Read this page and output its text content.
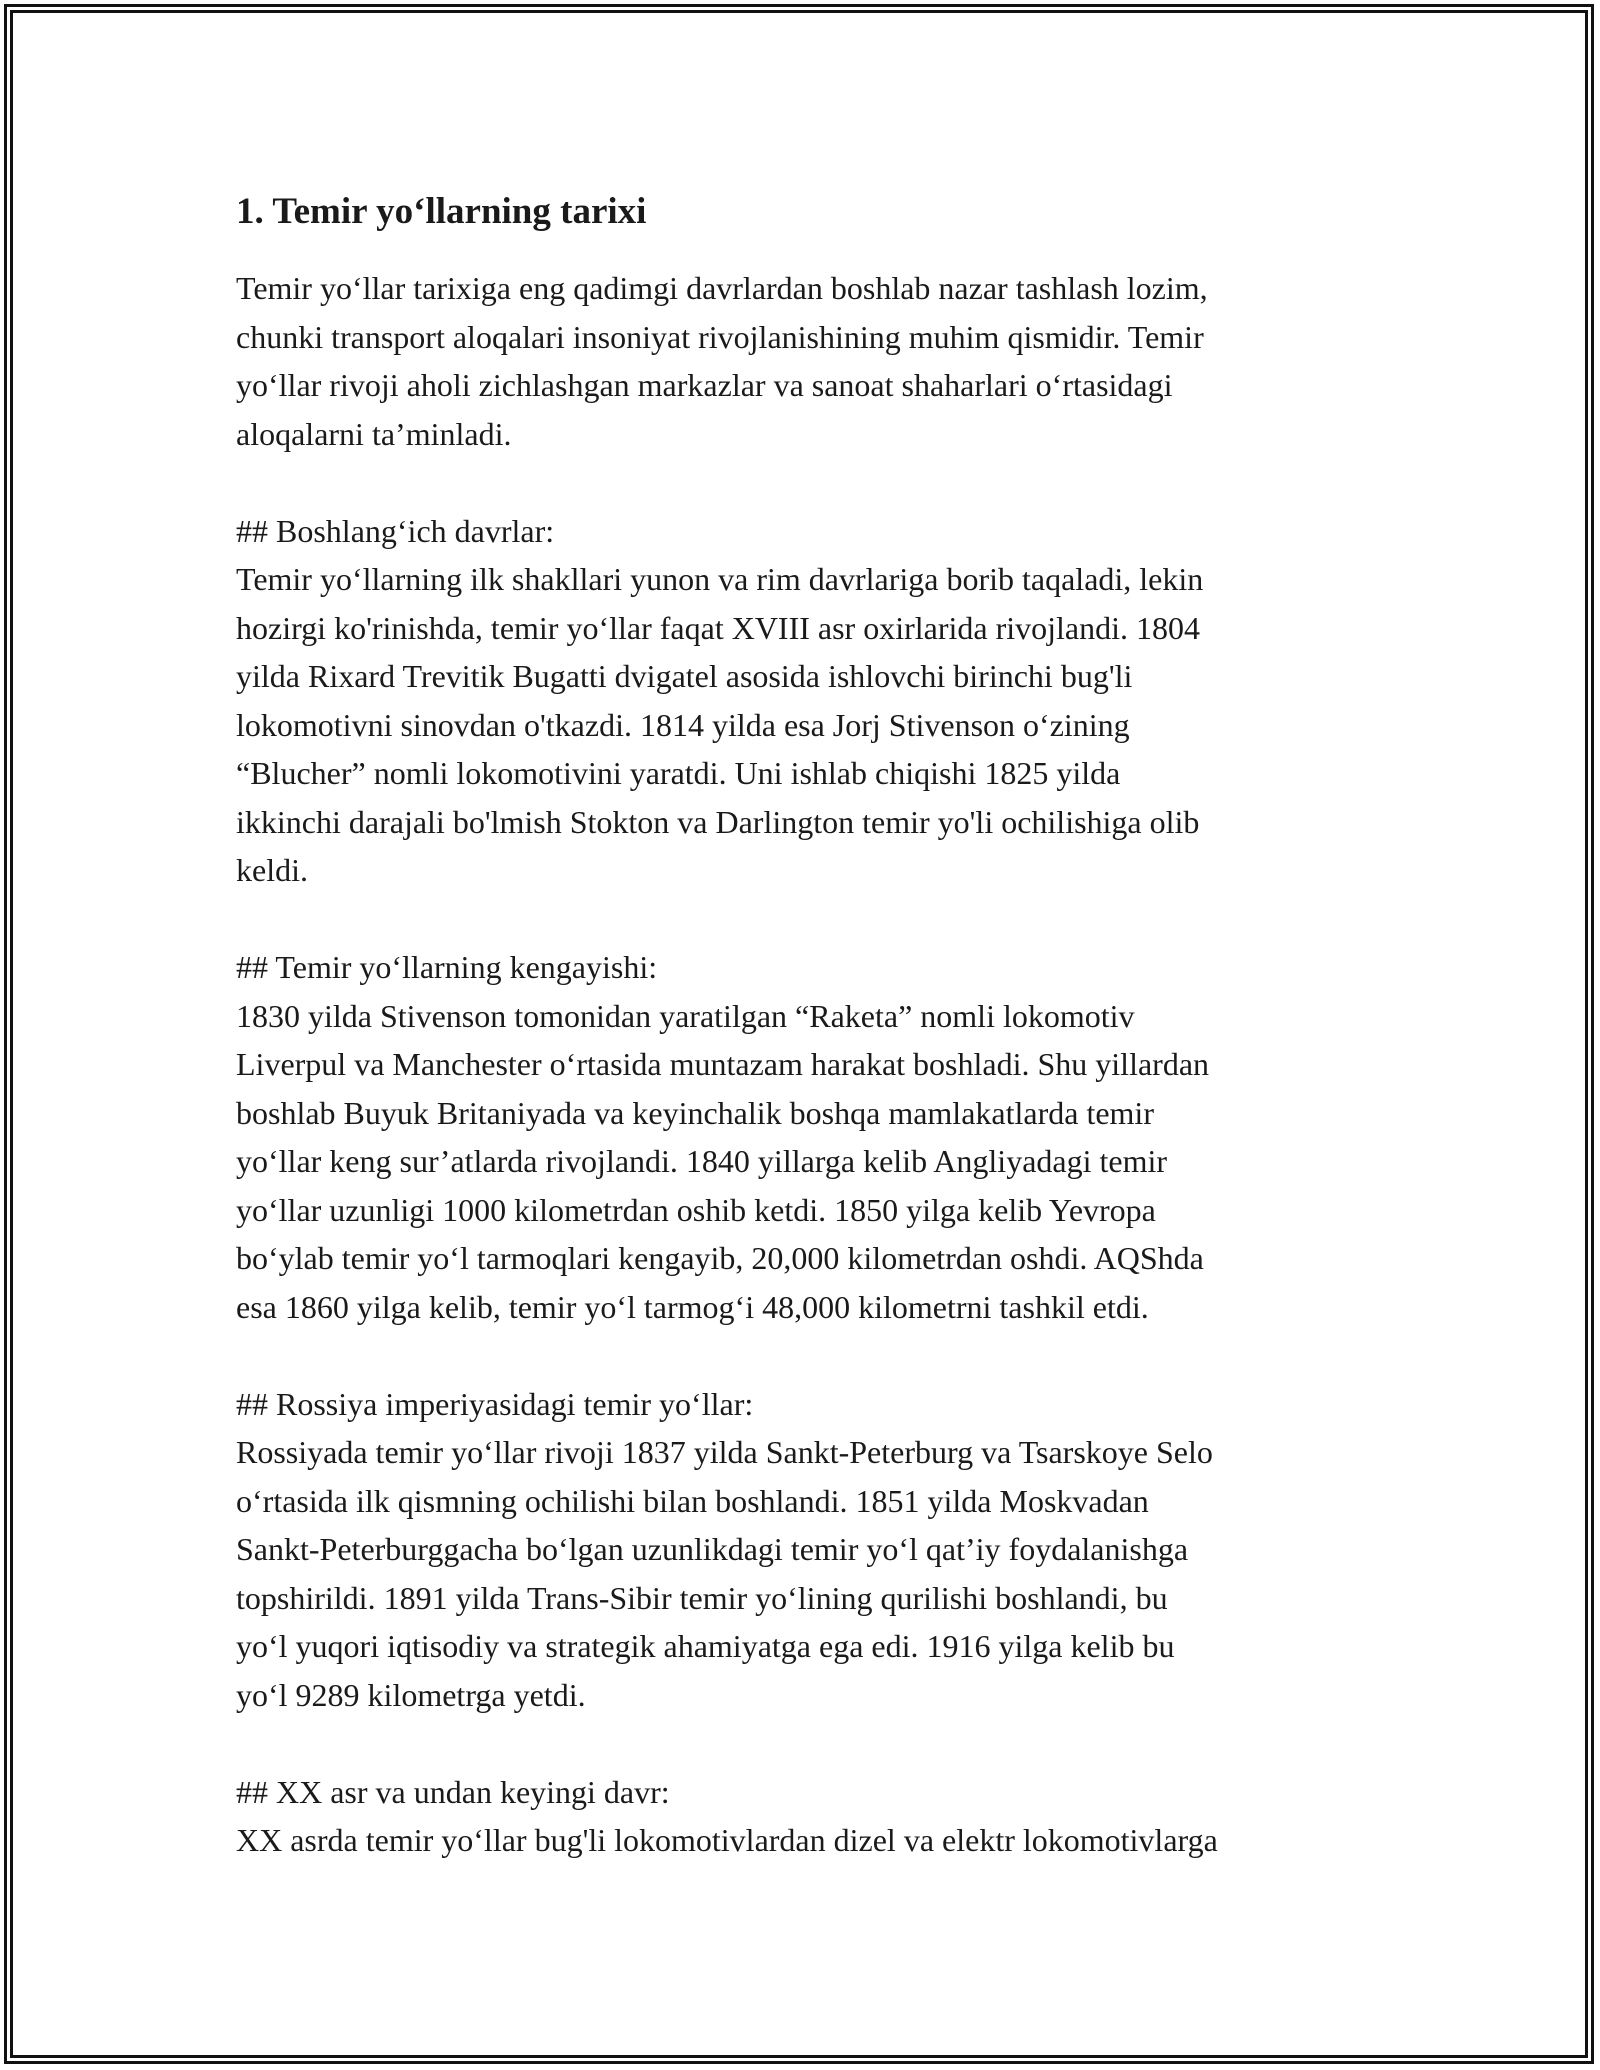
1. Temir yo‘llarning tarixi

Temir yo‘llar tarixiga eng qadimgi davrlardan boshlab nazar tashlash lozim,
chunki transport aloqalari insoniyat rivojlanishining muhim qismidir. Temir
yo‘llar rivoji aholi zichlashgan markazlar va sanoat shaharlari o‘rtasidagi
aloqalarni ta’minladi.

## Boshlang‘ich davrlar:

Temir yo‘llarning ilk shakllari yunon va rim davrlariga borib taqaladi, lekin
hozirgi ko'rinishda, temir yo‘llar faqat XVIII asr oxirlarida rivojlandi. 1804
yilda Rixard Trevitik Bugatti dvigatel asosida ishlovchi birinchi bug'li
lokomotivni sinovdan o'tkazdi. 1814 yilda esa Jorj Stivenson o‘zining
“Blucher” nomli lokomotivini yaratdi. Uni ishlab chiqishi 1825 yilda
ikkinchi darajali bo'lmish Stokton va Darlington temir yo'li ochilishiga olib
keldi.

## Temir yo‘llarning kengayishi:

1830 yilda Stivenson tomonidan yaratilgan “Raketa” nomli lokomotiv
Liverpul va Manchester o‘rtasida muntazam harakat boshladi. Shu yillardan
boshlab Buyuk Britaniyada va keyinchalik boshqa mamlakatlarda temir
yo‘llar keng sur’atlarda rivojlandi. 1840 yillarga kelib Angliyadagi temir
yo‘llar uzunligi 1000 kilometrdan oshib ketdi. 1850 yilga kelib Yevropa
bo‘ylab temir yo‘l tarmoqlari kengayib, 20,000 kilometrdan oshdi. AQShda
esa 1860 yilga kelib, temir yo‘l tarmog‘i 48,000 kilometrni tashkil etdi.

## Rossiya imperiyasidagi temir yo‘llar:

Rossiyada temir yo‘llar rivoji 1837 yilda Sankt-Peterburg va Tsarskoye Selo
o‘rtasida ilk qismning ochilishi bilan boshlandi. 1851 yilda Moskvadan
Sankt-Peterburggacha bo‘lgan uzunlikdagi temir yo‘l qat’iy foydalanishga
topshirildi. 1891 yilda Trans-Sibir temir yo‘lining qurilishi boshlandi, bu
yo‘l yuqori iqtisodiy va strategik ahamiyatga ega edi. 1916 yilga kelib bu
yo‘l 9289 kilometrga yetdi.

## XX asr va undan keyingi davr:

XX asrda temir yo‘llar bug'li lokomotivlardan dizel va elektr lokomotivlarga
